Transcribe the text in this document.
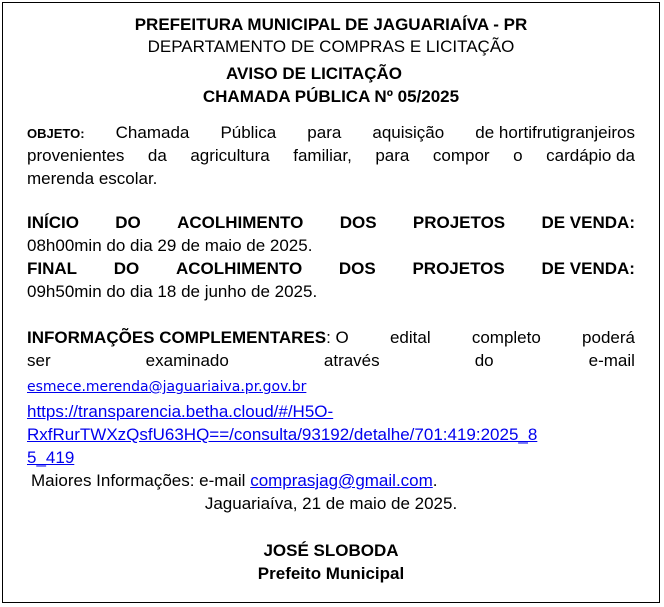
PREFEITURA MUNICIPAL DE JAGUARIAÍVA - PR
DEPARTAMENTO DE COMPRAS E LICITAÇÃO
AVISO DE LICITAÇÃO
CHAMADA PÚBLICA Nº 05/2025
OBJETO: Chamada Pública para aquisição de hortifrutigranjeiros
provenientes da agricultura familiar, para compor o cardápio da
merenda escolar.
INÍCIO DO ACOLHIMENTO DOS PROJETOS DE VENDA:
08h00min do dia 29 de maio de 2025.
FINAL DO ACOLHIMENTO DOS PROJETOS DE VENDA:
09h50min do dia 18 de junho de 2025.
INFORMAÇÕES COMPLEMENTARES: O edital completo poderá
ser	examinado	através	do	e-mail
esmece.merenda@jaguariaiva.pr.gov.br
https://transparencia.betha.cloud/#/H5O-
RxfRurTWXzQsfU63HQ==/consulta/93192/detalhe/701:419:2025_8
5_419
Maiores Informações: e-mail comprasjag@gmail.com.
Jaguariaíva, 21 de maio de 2025.
JOSÉ SLOBODA
Prefeito Municipal
